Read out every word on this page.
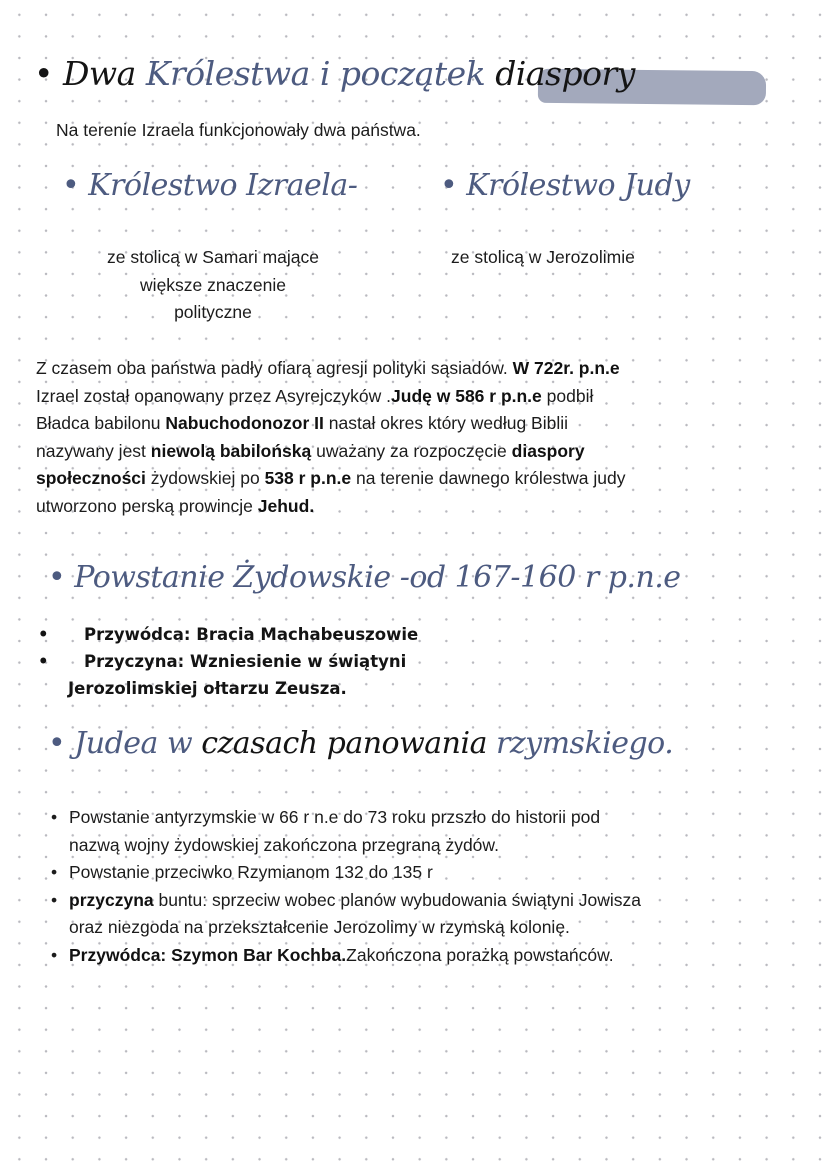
• Dwa Królestwa i początek diaspory
Na terenie Izraela funkcjonowały dwa państwa.
• Królestwo Izraela-	• Królestwo Judy
ze stolicą w Samari mające
większe znaczenie
polityczne
ze stolicą w Jerozolimie
Z czasem oba państwa padły ofiarą agresji polityki sąsiadów. W 722r. p.n.e
Izrael został opanowany przez Asyrejczyków .Judę w 586 r p.n.e podbił
Bładca babilonu Nabuchodonozor II nastał okres który według Biblii
nazywany jest niewolą babilońską uważany za rozpoczęcie diaspory
społeczności żydowskiej po 538 r p.n.e na terenie dawnego królestwa judy
utworzono perską prowincje Jehud.
• Powstanie Żydowskie -od 167-160 r p.n.e
• Przywódca: Bracia Machabeuszowie
• Przyczyna: Wzniesienie w świątyni
Jerozolimskiej ołtarzu Zeusza.
• Judea w czasach panowania rzymskiego.
• Powstanie antyrzymskie w 66 r n.e do 73 roku przszło do historii pod
nazwą wojny żydowskiej zakończona przegraną żydów.
• Powstanie przeciwko Rzymianom 132 do 135 r
• przyczyna buntu: sprzeciw wobec planów wybudowania świątyni Jowisza
oraz niezgoda na przekształcenie Jerozolimy w rzymską kolonię.
• Przywódca: Szymon Bar Kochba.Zakończona porażką powstańców.
